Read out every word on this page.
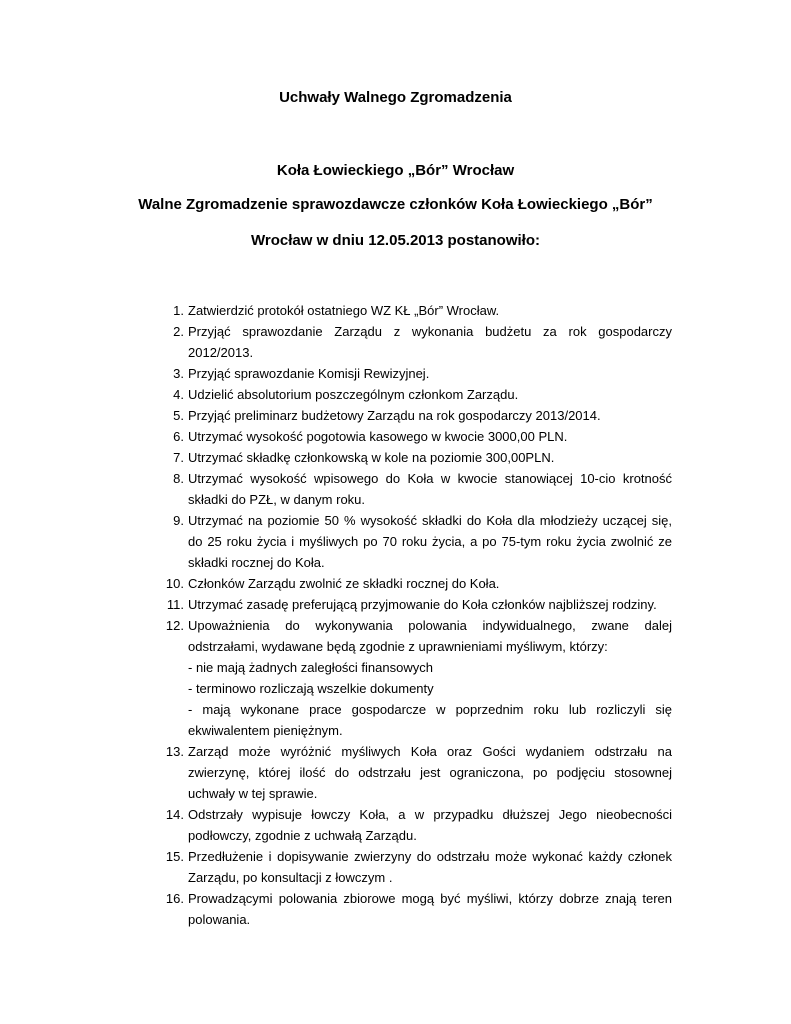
Uchwały Walnego Zgromadzenia
Koła Łowieckiego „Bór” Wrocław
Walne Zgromadzenie sprawozdawcze członków Koła Łowieckiego „Bór”
Wrocław w dniu 12.05.2013 postanowiło:
1. Zatwierdzić protokół ostatniego WZ KŁ „Bór” Wrocław.
2. Przyjąć sprawozdanie Zarządu z wykonania budżetu za rok gospodarczy 2012/2013.
3. Przyjąć sprawozdanie Komisji Rewizyjnej.
4. Udzielić absolutorium poszczególnym członkom Zarządu.
5. Przyjąć preliminarz budżetowy Zarządu na rok gospodarczy 2013/2014.
6. Utrzymać wysokość pogotowia kasowego w kwocie 3000,00 PLN.
7. Utrzymać składkę członkowską w kole na poziomie 300,00PLN.
8. Utrzymać wysokość wpisowego do Koła w kwocie stanowiącej 10-cio krotność składki do PZŁ, w danym roku.
9. Utrzymać na poziomie 50 % wysokość składki do Koła dla młodzieży uczącej się, do 25 roku życia i myśliwych po 70 roku życia, a po 75-tym roku życia zwolnić ze składki rocznej do Koła.
10. Członków Zarządu zwolnić ze składki rocznej do Koła.
11. Utrzymać zasadę preferującą przyjmowanie do Koła członków najbliższej rodziny.
12. Upoważnienia do wykonywania polowania indywidualnego, zwane dalej odstrzałami, wydawane będą zgodnie z uprawnieniami myśliwym, którzy:
- nie mają żadnych zaległości finansowych
- terminowo rozliczają wszelkie dokumenty
- mają wykonane prace gospodarcze w poprzednim roku lub rozliczyli się ekwiwalentem pieniężnym.
13. Zarząd może wyróżnić myśliwych Koła oraz Gości wydaniem odstrzału na zwierzynę, której ilość do odstrzału jest ograniczona, po podjęciu stosownej uchwały w tej sprawie.
14. Odstrzały wypisuje łowczy Koła, a w przypadku dłuższej Jego nieobecności podłowczy, zgodnie z uchwałą Zarządu.
15. Przedłużenie i dopisywanie zwierzyny do odstrzału może wykonać każdy członek Zarządu, po konsultacji z łowczym .
16. Prowadzącymi polowania zbiorowe mogą być myśliwi, którzy dobrze znają teren polowania.
